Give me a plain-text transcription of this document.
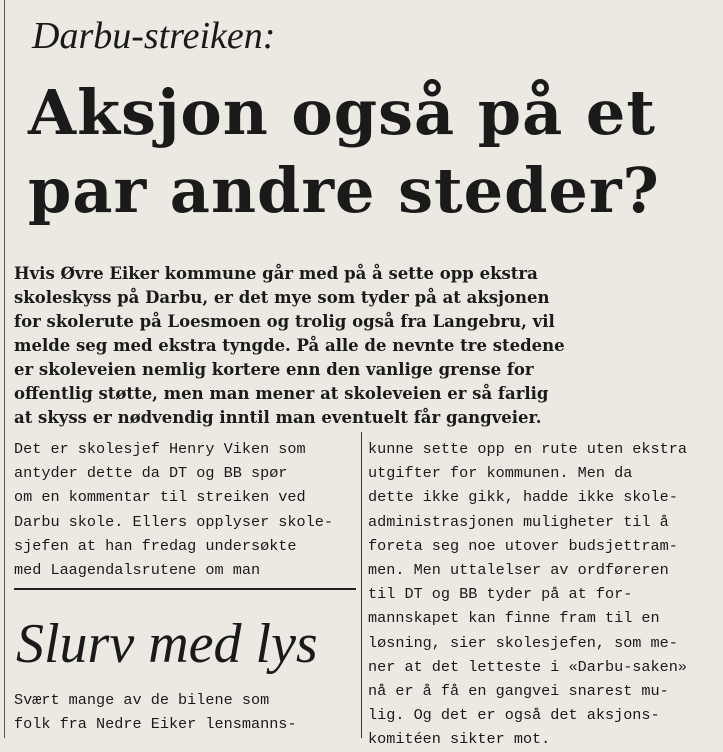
Darbu-streiken:
Aksjon også på et
par andre steder?
Hvis Øvre Eiker kommune går med på å sette opp ekstra
skoleskyss på Darbu, er det mye som tyder på at aksjonen
for skolerute på Loesmoen og trolig også fra Langebru, vil
melde seg med ekstra tyngde. På alle de nevnte tre stedene
er skoleveien nemlig kortere enn den vanlige grense for
offentlig støtte, men man mener at skoleveien er så farlig
at skyss er nødvendig inntil man eventuelt får gangveier.
Det er skolesjef Henry Viken som
antyder dette da DT og BB spør
om en kommentar til streiken ved
Darbu skole. Ellers opplyser skole-
sjefen at han fredag undersøkte
med Laagendalsrutene om man
kunne sette opp en rute uten ekstra
utgifter for kommunen. Men da
dette ikke gikk, hadde ikke skole-
administrasjonen muligheter til å
foreta seg noe utover budsjettram-
men. Men uttalelser av ordføreren
til DT og BB tyder på at for-
mannskapet kan finne fram til en
løsning, sier skolesjefen, som me-
ner at det letteste i «Darbu-saken»
nå er å få en gangvei snarest mu-
lig. Og det er også det aksjons-
komitéen sikter mot.
Slurv med lys
Svært mange av de bilene som
folk fra Nedre Eiker lensmanns-
